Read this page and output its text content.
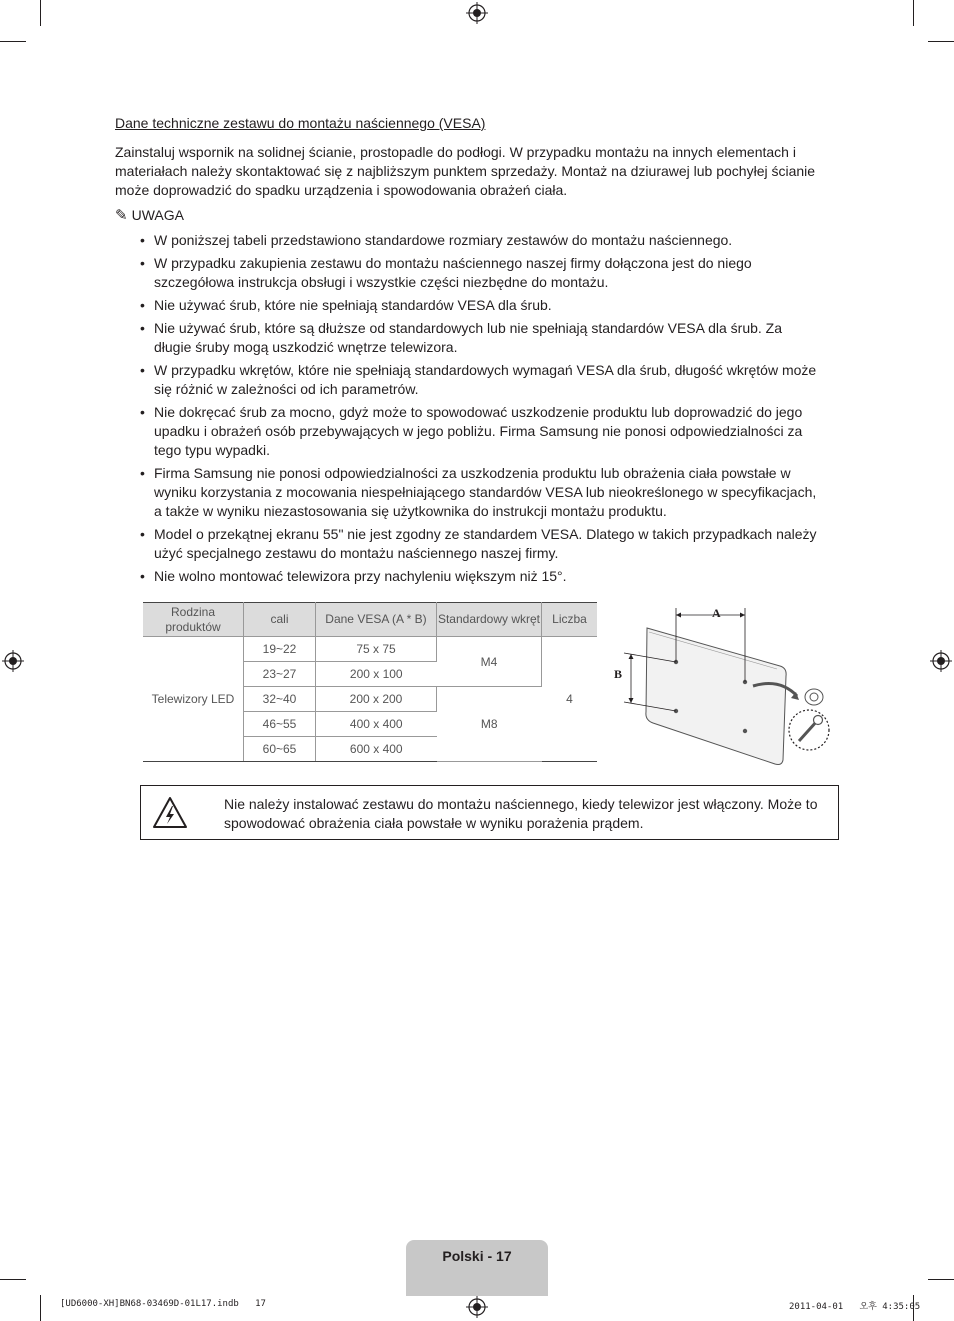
Dane techniczne zestawu do montażu naściennego (VESA)
Zainstaluj wspornik na solidnej ścianie, prostopadle do podłogi. W przypadku montażu na innych elementach i materiałach należy skontaktować się z najbliższym punktem sprzedaży. Montaż na dziurawej lub pochyłej ścianie może doprowadzić do spadku urządzenia i spowodowania obrażeń ciała.
✎ UWAGA
• W poniższej tabeli przedstawiono standardowe rozmiary zestawów do montażu naściennego.
• W przypadku zakupienia zestawu do montażu naściennego naszej firmy dołączona jest do niego szczegółowa instrukcja obsługi i wszystkie części niezbędne do montażu.
• Nie używać śrub, które nie spełniają standardów VESA dla śrub.
• Nie używać śrub, które są dłuższe od standardowych lub nie spełniają standardów VESA dla śrub. Za długie śruby mogą uszkodzić wnętrze telewizora.
• W przypadku wkrętów, które nie spełniają standardowych wymagań VESA dla śrub, długość wkrętów może się różnić w zależności od ich parametrów.
• Nie dokręcać śrub za mocno, gdyż może to spowodować uszkodzenie produktu lub doprowadzić do jego upadku i obrażeń osób przebywających w jego pobliżu. Firma Samsung nie ponosi odpowiedzialności za tego typu wypadki.
• Firma Samsung nie ponosi odpowiedzialności za uszkodzenia produktu lub obrażenia ciała powstałe w wyniku korzystania z mocowania niespełniającego standardów VESA lub nieokreślonego w specyfikacjach, a także w wyniku niezastosowania się użytkownika do instrukcji montażu produktu.
• Model o przekątnej ekranu 55" nie jest zgodny ze standardem VESA. Dlatego w takich przypadkach należy użyć specjalnego zestawu do montażu naściennego naszej firmy.
• Nie wolno montować telewizora przy nachyleniu większym niż 15°.
Rodzina produktów	cali	Dane VESA (A * B)	Standardowy wkręt	Liczba
Telewizory LED	19~22	75 x 75	M4	4
	23~27	200 x 100		
	32~40	200 x 200	M8	
	46~55	400 x 400		
	60~65	600 x 400		
A
B
Nie należy instalować zestawu do montażu naściennego, kiedy telewizor jest włączony. Może to spowodować obrażenia ciała powstałe w wyniku porażenia prądem.
Polski - 17
[UD6000-XH]BN68-03469D-01L17.indb   17	2011-04-01   오후 4:35:05
